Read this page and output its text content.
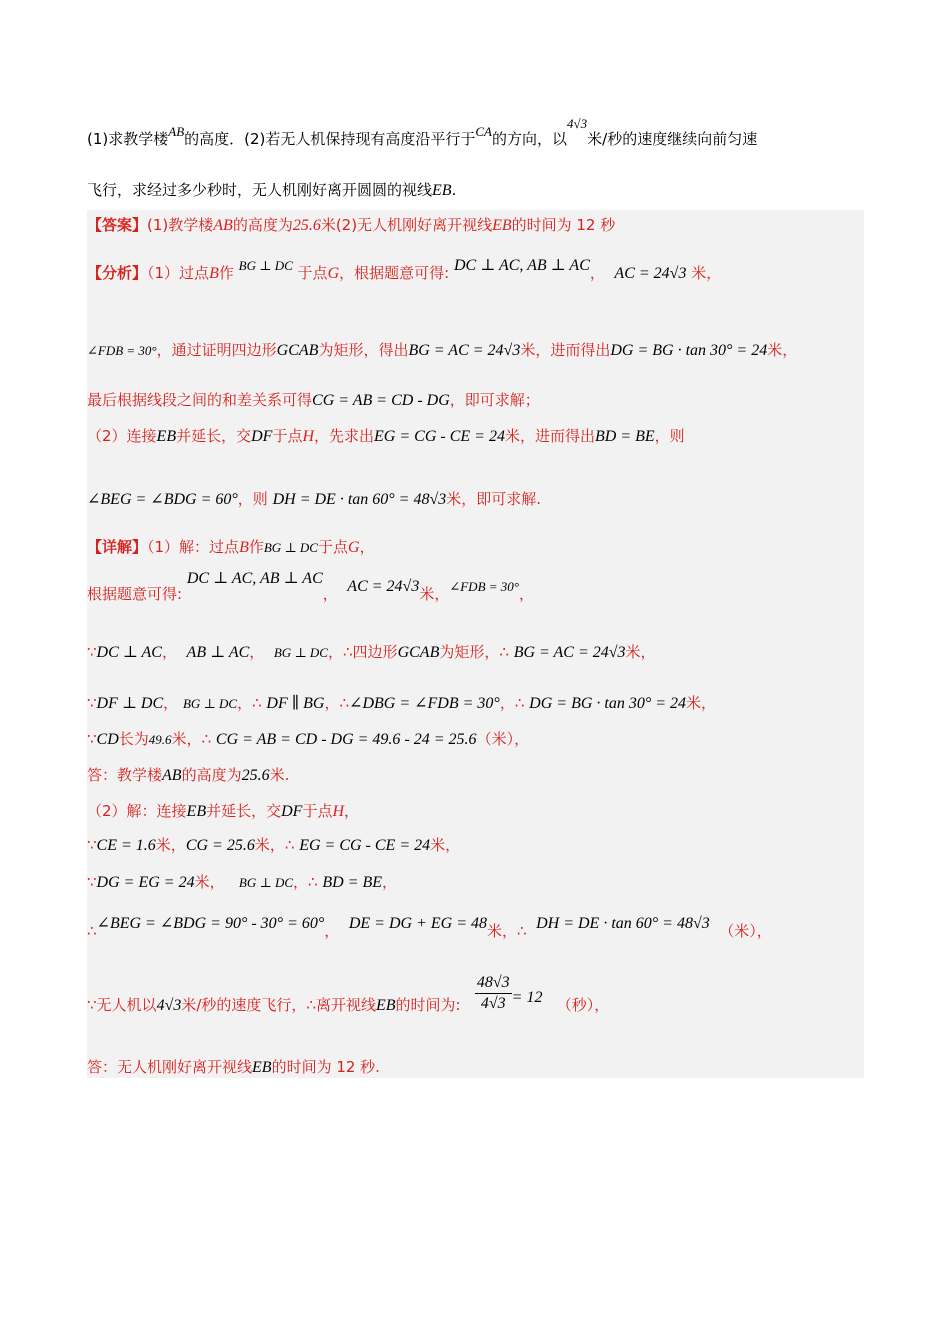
(1)求教学楼AB的高度．(2)若无人机保持现有高度沿平行于CA的方向，以4√3米/秒的速度继续向前匀速
飞行，求经过多少秒时，无人机刚好离开圆圆的视线EB.
【答案】(1)教学楼AB的高度为25.6米(2)无人机刚好离开视线EB的时间为 12 秒
【分析】（1）过点B作 BG ⊥ DC 于点G，根据题意可得: DC ⊥ AC, AB ⊥ AC， AC = 24√3 米，
∠FDB = 30°，通过证明四边形GCAB为矩形，得出BG = AC = 24√3米，进而得出DG = BG · tan 30° = 24米，
最后根据线段之间的和差关系可得CG = AB = CD - DG，即可求解；
（2）连接EB并延长，交DF于点H，先求出EG = CG - CE = 24米，进而得出BD = BE，则
∠BEG = ∠BDG = 60°，则 DH = DE · tan 60° = 48√3米，即可求解.
【详解】（1）解：过点B作BG ⊥ DC于点G，
根据题意可得: DC ⊥ AC, AB ⊥ AC， AC = 24√3米，∠FDB = 30°，
∵DC ⊥ AC， AB ⊥ AC， BG ⊥ DC，∴四边形GCAB为矩形，∴ BG = AC = 24√3米，
∵DF ⊥ DC， BG ⊥ DC，∴ DF ∥ BG，∴∠DBG = ∠FDB = 30°，∴ DG = BG · tan 30° = 24米，
∵CD长为49.6米，∴ CG = AB = CD - DG = 49.6 - 24 = 25.6（米），
答：教学楼AB的高度为25.6米.
（2）解：连接EB并延长，交DF于点H，
∵CE = 1.6米，CG = 25.6米，∴ EG = CG - CE = 24米，
∵DG = EG = 24米， BG ⊥ DC，∴ BD = BE，
∴∠BEG = ∠BDG = 90° - 30° = 60°， DE = DG + EG = 48米，∴ DH = DE · tan 60° = 48√3 （米），
∵无人机以4√3米/秒的速度飞行，∴离开视线EB的时间为: $\frac{48√3}{4√3} = 12$ （秒），
答：无人机刚好离开视线EB的时间为 12 秒.
